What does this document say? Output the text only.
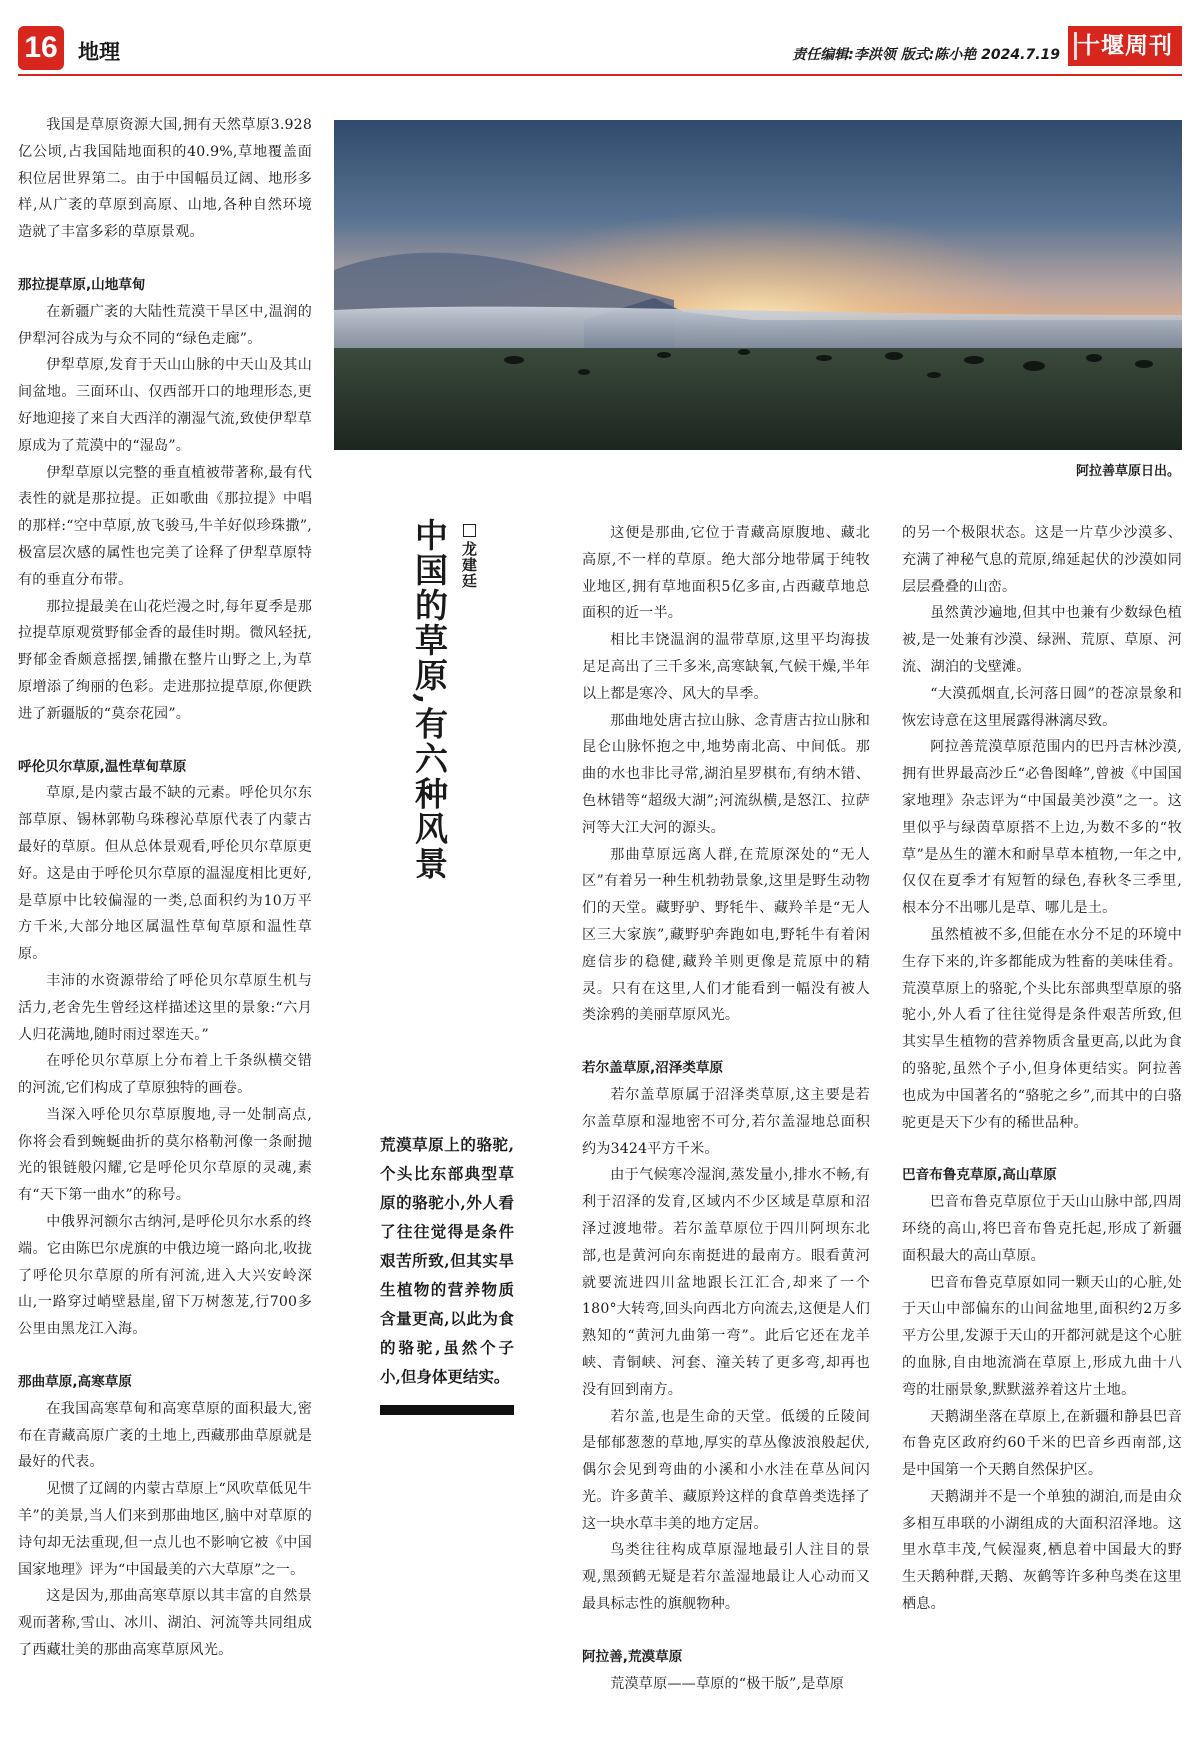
16 地理	责任编辑:李洪领 版式:陈小艳 2024.7.19 十堰周刊
阿拉善草原日出。

我国是草原资源大国,拥有天然草原3.928亿公顷,占我国陆地面积的40.9%,草地覆盖面积位居世界第二。由于中国幅员辽阔、地形多样,从广袤的草原到高原、山地,各种自然环境造就了丰富多彩的草原景观。

那拉提草原,山地草甸

在新疆广袤的大陆性荒漠干旱区中,温润的伊犁河谷成为与众不同的“绿色走廊”。

伊犁草原,发育于天山山脉的中天山及其山间盆地。三面环山、仅西部开口的地理形态,更好地迎接了来自大西洋的潮湿气流,致使伊犁草原成为了荒漠中的“湿岛”。

伊犁草原以完整的垂直植被带著称,最有代表性的就是那拉提。正如歌曲《那拉提》中唱的那样:“空中草原,放飞骏马,牛羊好似珍珠撒”,极富层次感的属性也完美了诠释了伊犁草原特有的垂直分布带。

那拉提最美在山花烂漫之时,每年夏季是那拉提草原观赏野郁金香的最佳时期。微风轻抚,野郁金香颇意摇摆,铺撒在整片山野之上,为草原增添了绚丽的色彩。走进那拉提草原,你便跌进了新疆版的“莫奈花园”。

呼伦贝尔草原,温性草甸草原

草原,是内蒙古最不缺的元素。呼伦贝尔东部草原、锡林郭勒乌珠穆沁草原代表了内蒙古最好的草原。但从总体景观看,呼伦贝尔草原更好。这是由于呼伦贝尔草原的温湿度相比更好,是草原中比较偏湿的一类,总面积约为10万平方千米,大部分地区属温性草甸草原和温性草原。

丰沛的水资源带给了呼伦贝尔草原生机与活力,老舍先生曾经这样描述这里的景象:“六月人归花满地,随时雨过翠连天。”

在呼伦贝尔草原上分布着上千条纵横交错的河流,它们构成了草原独特的画卷。

当深入呼伦贝尔草原腹地,寻一处制高点,你将会看到蜿蜒曲折的莫尔格勒河像一条耐抛光的银链般闪耀,它是呼伦贝尔草原的灵魂,素有“天下第一曲水”的称号。

中俄界河额尔古纳河,是呼伦贝尔水系的终端。它由陈巴尔虎旗的中俄边境一路向北,收拢了呼伦贝尔草原的所有河流,进入大兴安岭深山,一路穿过峭壁悬崖,留下万树葱茏,行700多公里由黑龙江入海。

那曲草原,高寒草原

在我国高寒草甸和高寒草原的面积最大,密布在青藏高原广袤的土地上,西藏那曲草原就是最好的代表。

见惯了辽阔的内蒙古草原上“风吹草低见牛羊”的美景,当人们来到那曲地区,脑中对草原的诗句却无法重现,但一点儿也不影响它被《中国国家地理》评为“中国最美的六大草原”之一。

这是因为,那曲高寒草原以其丰富的自然景观而著称,雪山、冰川、湖泊、河流等共同组成了西藏壮美的那曲高寒草原风光。

中国的草原,有六种风景 龙建廷
荒漠草原上的骆驼,个头比东部典型草原的骆驼小,外人看了往往觉得是条件艰苦所致,但其实旱生植物的营养物质含量更高,以此为食的骆驼,虽然个子小,但身体更结实。

这便是那曲,它位于青藏高原腹地、藏北高原,不一样的草原。绝大部分地带属于纯牧业地区,拥有草地面积5亿多亩,占西藏草地总面积的近一半。

相比丰饶温润的温带草原,这里平均海拔足足高出了三千多米,高寒缺氧,气候干燥,半年以上都是寒冷、风大的旱季。

那曲地处唐古拉山脉、念青唐古拉山脉和昆仑山脉怀抱之中,地势南北高、中间低。那曲的水也非比寻常,湖泊星罗棋布,有纳木错、色林错等“超级大湖”;河流纵横,是怒江、拉萨河等大江大河的源头。

那曲草原远离人群,在荒原深处的“无人区”有着另一种生机勃勃景象,这里是野生动物们的天堂。藏野驴、野牦牛、藏羚羊是“无人区三大家族”,藏野驴奔跑如电,野牦牛有着闲庭信步的稳健,藏羚羊则更像是荒原中的精灵。只有在这里,人们才能看到一幅没有被人类涂鸦的美丽草原风光。

若尔盖草原,沼泽类草原

若尔盖草原属于沼泽类草原,这主要是若尔盖草原和湿地密不可分,若尔盖湿地总面积约为3424平方千米。

由于气候寒冷湿润,蒸发量小,排水不畅,有利于沼泽的发育,区域内不少区域是草原和沼泽过渡地带。若尔盖草原位于四川阿坝东北部,也是黄河向东南挺进的最南方。眼看黄河就要流进四川盆地跟长江汇合,却来了一个180°大转弯,回头向西北方向流去,这便是人们熟知的“黄河九曲第一弯”。此后它还在龙羊峡、青铜峡、河套、潼关转了更多弯,却再也没有回到南方。

若尔盖,也是生命的天堂。低缓的丘陵间是郁郁葱葱的草地,厚实的草丛像波浪般起伏,偶尔会见到弯曲的小溪和小水洼在草丛间闪光。许多黄羊、藏原羚这样的食草兽类选择了这一块水草丰美的地方定居。

鸟类往往构成草原湿地最引人注目的景观,黑颈鹤无疑是若尔盖湿地最让人心动而又最具标志性的旗舰物种。

阿拉善,荒漠草原

荒漠草原——草原的“极干版”,是草原

的另一个极限状态。这是一片草少沙漠多、充满了神秘气息的荒原,绵延起伏的沙漠如同层层叠叠的山峦。

虽然黄沙遍地,但其中也兼有少数绿色植被,是一处兼有沙漠、绿洲、荒原、草原、河流、湖泊的戈壁滩。

“大漠孤烟直,长河落日圆”的苍凉景象和恢宏诗意在这里展露得淋漓尽致。

阿拉善荒漠草原范围内的巴丹吉林沙漠,拥有世界最高沙丘“必鲁图峰”,曾被《中国国家地理》杂志评为“中国最美沙漠”之一。这里似乎与绿茵草原搭不上边,为数不多的“牧草”是丛生的灌木和耐旱草本植物,一年之中,仅仅在夏季才有短暂的绿色,春秋冬三季里,根本分不出哪儿是草、哪儿是土。

虽然植被不多,但能在水分不足的环境中生存下来的,许多都能成为牲畜的美味佳肴。荒漠草原上的骆驼,个头比东部典型草原的骆驼小,外人看了往往觉得是条件艰苦所致,但其实旱生植物的营养物质含量更高,以此为食的骆驼,虽然个子小,但身体更结实。阿拉善也成为中国著名的“骆驼之乡”,而其中的白骆驼更是天下少有的稀世品种。

巴音布鲁克草原,高山草原

巴音布鲁克草原位于天山山脉中部,四周环绕的高山,将巴音布鲁克托起,形成了新疆面积最大的高山草原。

巴音布鲁克草原如同一颗天山的心脏,处于天山中部偏东的山间盆地里,面积约2万多平方公里,发源于天山的开都河就是这个心脏的血脉,自由地流淌在草原上,形成九曲十八弯的壮丽景象,默默滋养着这片土地。

天鹅湖坐落在草原上,在新疆和静县巴音布鲁克区政府约60千米的巴音乡西南部,这是中国第一个天鹅自然保护区。

天鹅湖并不是一个单独的湖泊,而是由众多相互串联的小湖组成的大面积沼泽地。这里水草丰茂,气候湿爽,栖息着中国最大的野生天鹅种群,天鹅、灰鹤等许多种鸟类在这里栖息。
